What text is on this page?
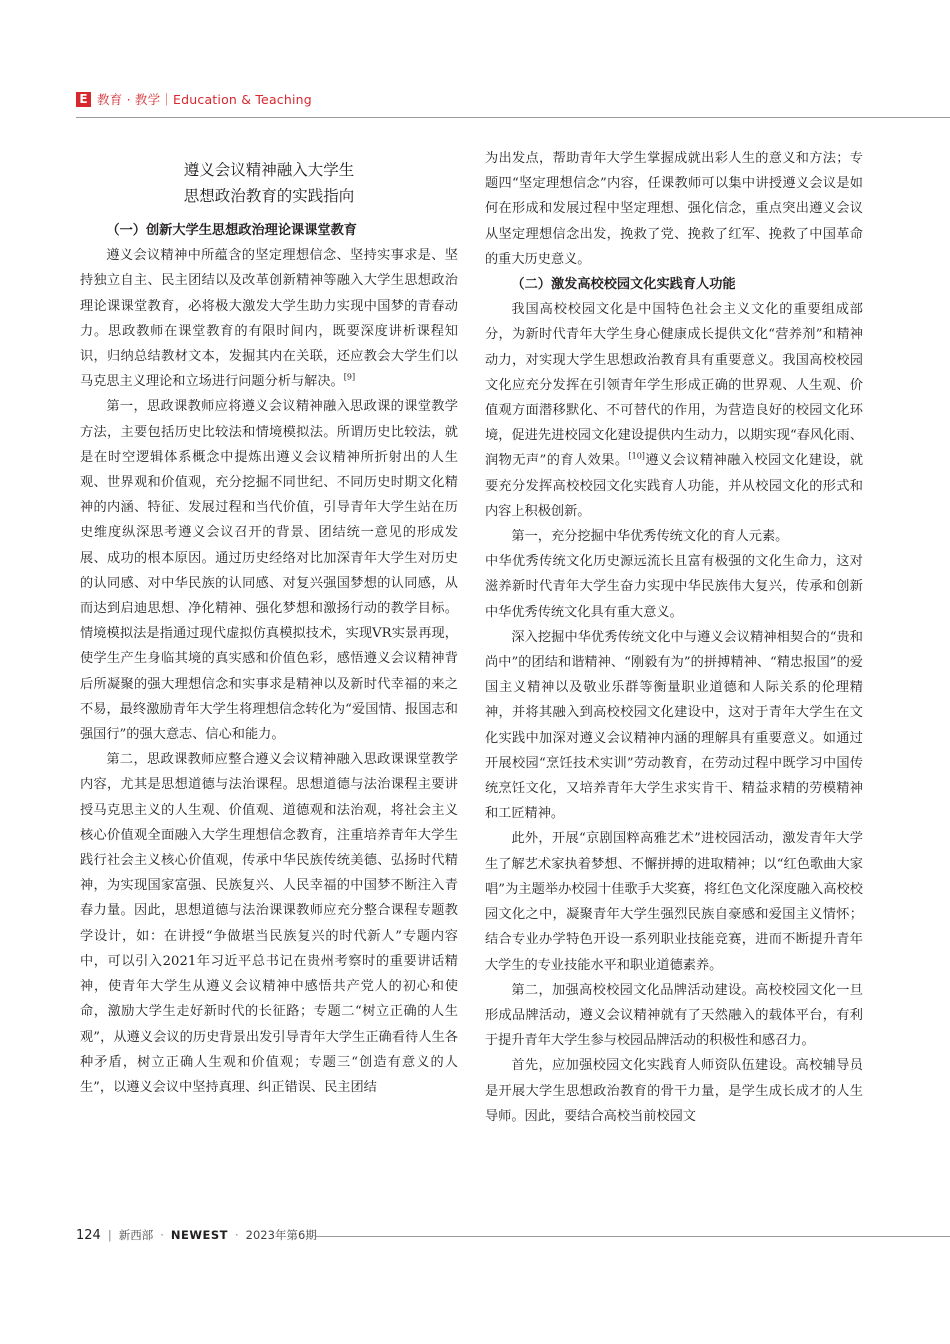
E 教育 · 教学｜Education & Teaching
遵义会议精神融入大学生
思想政治教育的实践指向

（一）创新大学生思想政治理论课课堂教育

遵义会议精神中所蕴含的坚定理想信念、坚持实事求是、坚持独立自主、民主团结以及改革创新精神等融入大学生思想政治理论课课堂教育，必将极大激发大学生助力实现中国梦的青春动力。思政教师在课堂教育的有限时间内，既要深度讲析课程知识，归纳总结教材文本，发掘其内在关联，还应教会大学生们以马克思主义理论和立场进行问题分析与解决。[9]

第一，思政课教师应将遵义会议精神融入思政课的课堂教学方法，主要包括历史比较法和情境模拟法。所谓历史比较法，就是在时空逻辑体系概念中提炼出遵义会议精神所折射出的人生观、世界观和价值观，充分挖掘不同世纪、不同历史时期文化精神的内涵、特征、发展过程和当代价值，引导青年大学生站在历史维度纵深思考遵义会议召开的背景、团结统一意见的形成发展、成功的根本原因。通过历史经络对比加深青年大学生对历史的认同感、对中华民族的认同感、对复兴强国梦想的认同感，从而达到启迪思想、净化精神、强化梦想和激扬行动的教学目标。情境模拟法是指通过现代虚拟仿真模拟技术，实现VR实景再现，使学生产生身临其境的真实感和价值色彩，感悟遵义会议精神背后所凝聚的强大理想信念和实事求是精神以及新时代幸福的来之不易，最终激励青年大学生将理想信念转化为“爱国情、报国志和强国行”的强大意志、信心和能力。

第二，思政课教师应整合遵义会议精神融入思政课课堂教学内容，尤其是思想道德与法治课程。思想道德与法治课程主要讲授马克思主义的人生观、价值观、道德观和法治观，将社会主义核心价值观全面融入大学生理想信念教育，注重培养青年大学生践行社会主义核心价值观，传承中华民族传统美德、弘扬时代精神，为实现国家富强、民族复兴、人民幸福的中国梦不断注入青春力量。因此，思想道德与法治课课教师应充分整合课程专题教学设计，如：在讲授“争做堪当民族复兴的时代新人”专题内容中，可以引入2021年习近平总书记在贵州考察时的重要讲话精神，使青年大学生从遵义会议精神中感悟共产党人的初心和使命，激励大学生走好新时代的长征路；专题二“树立正确的人生观”，从遵义会议的历史背景出发引导青年大学生正确看待人生各种矛盾，树立正确人生观和价值观；专题三“创造有意义的人生”，以遵义会议中坚持真理、纠正错误、民主团结

为出发点，帮助青年大学生掌握成就出彩人生的意义和方法；专题四“坚定理想信念”内容，任课教师可以集中讲授遵义会议是如何在形成和发展过程中坚定理想、强化信念，重点突出遵义会议从坚定理想信念出发，挽救了党、挽救了红军、挽救了中国革命的重大历史意义。

（二）激发高校校园文化实践育人功能

我国高校校园文化是中国特色社会主义文化的重要组成部分，为新时代青年大学生身心健康成长提供文化“营养剂”和精神动力，对实现大学生思想政治教育具有重要意义。我国高校校园文化应充分发挥在引领青年学生形成正确的世界观、人生观、价值观方面潜移默化、不可替代的作用，为营造良好的校园文化环境，促进先进校园文化建设提供内生动力，以期实现“春风化雨、润物无声”的育人效果。[10]遵义会议精神融入校园文化建设，就要充分发挥高校校园文化实践育人功能，并从校园文化的形式和内容上积极创新。

第一，充分挖掘中华优秀传统文化的育人元素。

中华优秀传统文化历史源远流长且富有极强的文化生命力，这对滋养新时代青年大学生奋力实现中华民族伟大复兴，传承和创新中华优秀传统文化具有重大意义。

深入挖掘中华优秀传统文化中与遵义会议精神相契合的“贵和尚中”的团结和谐精神、“刚毅有为”的拼搏精神、“精忠报国”的爱国主义精神以及敬业乐群等衡量职业道德和人际关系的伦理精神，并将其融入到高校校园文化建设中，这对于青年大学生在文化实践中加深对遵义会议精神内涵的理解具有重要意义。如通过开展校园“烹饪技术实训”劳动教育，在劳动过程中既学习中国传统烹饪文化，又培养青年大学生求实肯干、精益求精的劳模精神和工匠精神。

此外，开展“京剧国粹高雅艺术”进校园活动，激发青年大学生了解艺术家执着梦想、不懈拼搏的进取精神；以“红色歌曲大家唱”为主题举办校园十佳歌手大奖赛，将红色文化深度融入高校校园文化之中，凝聚青年大学生强烈民族自豪感和爱国主义情怀；结合专业办学特色开设一系列职业技能竞赛，进而不断提升青年大学生的专业技能水平和职业道德素养。

第二，加强高校校园文化品牌活动建设。高校校园文化一旦形成品牌活动，遵义会议精神就有了天然融入的载体平台，有利于提升青年大学生参与校园品牌活动的积极性和感召力。

首先，应加强校园文化实践育人师资队伍建设。高校辅导员是开展大学生思想政治教育的骨干力量，是学生成长成才的人生导师。因此，要结合高校当前校园文

124 | 新西部 · NEWEST · 2023年第6期
